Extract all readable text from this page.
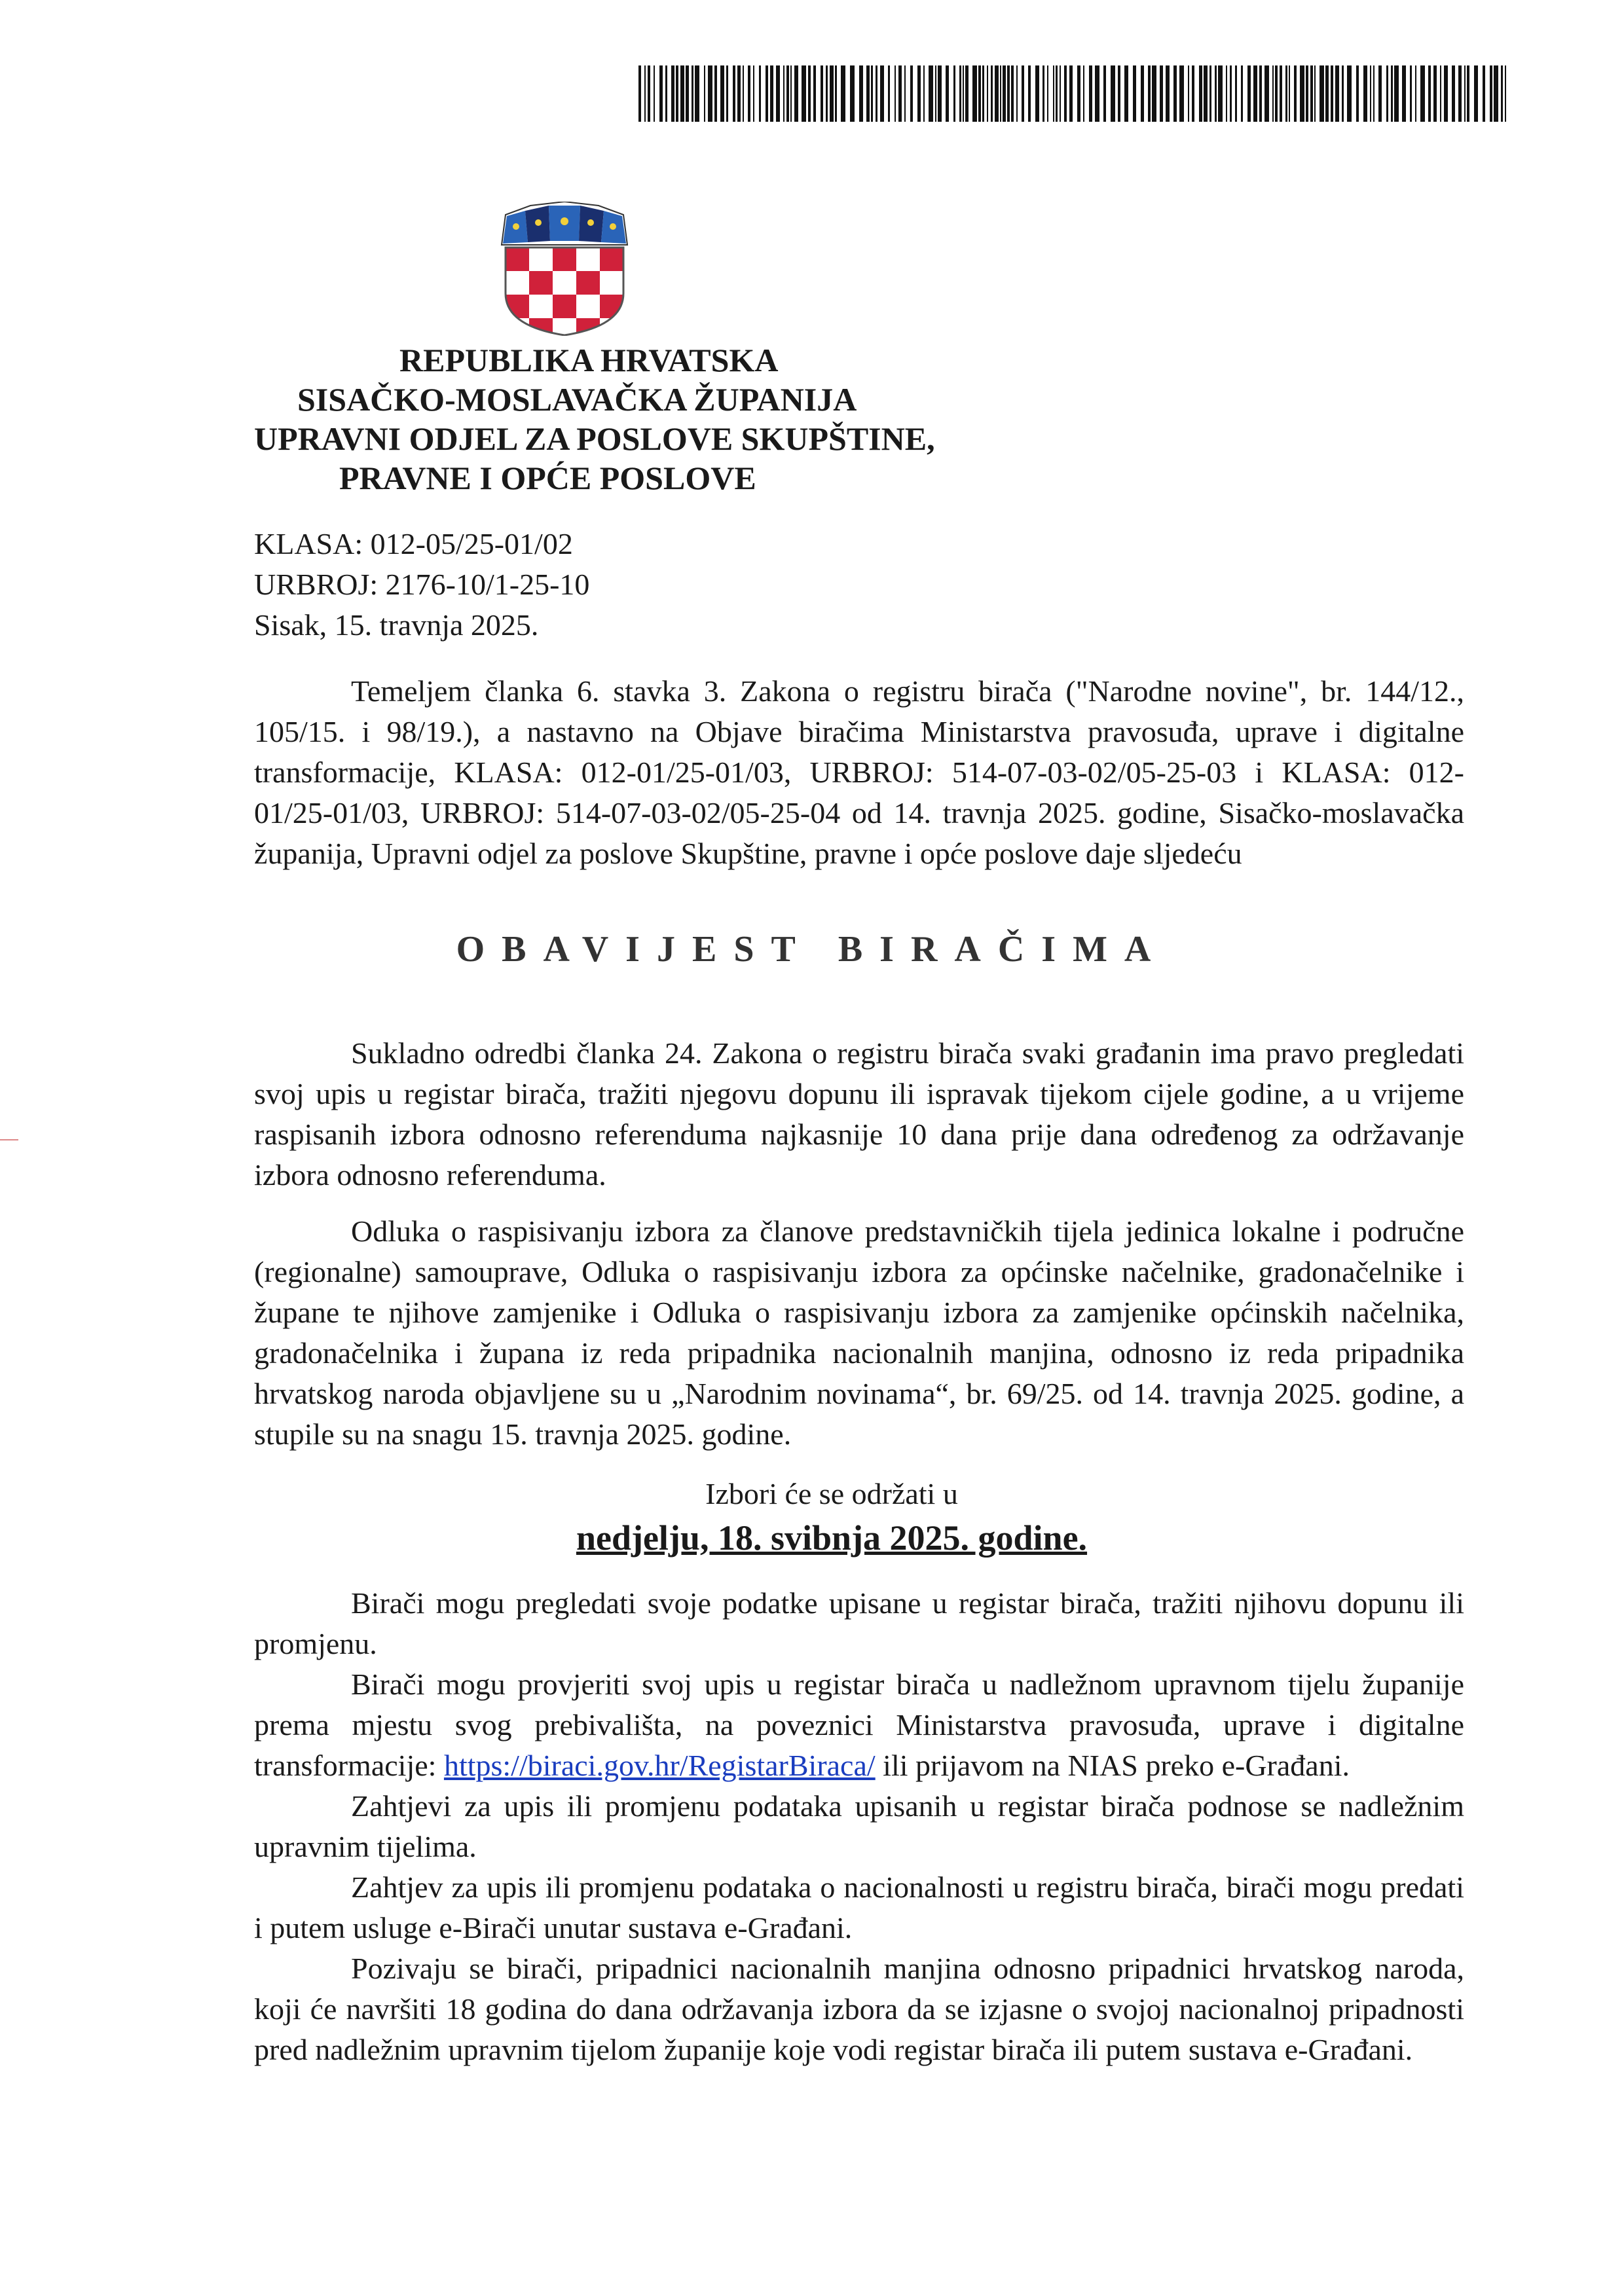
REPUBLIKA HRVATSKA
SISAČKO-MOSLAVAČKA ŽUPANIJA
UPRAVNI ODJEL ZA POSLOVE SKUPŠTINE,
PRAVNE I OPĆE POSLOVE
KLASA: 012-05/25-01/02
URBROJ: 2176-10/1-25-10
Sisak, 15. travnja 2025.

Temeljem članka 6. stavka 3. Zakona o registru birača ("Narodne novine", br. 144/12., 105/15. i 98/19.), a nastavno na Objave biračima Ministarstva pravosuđa, uprave i digitalne transformacije, KLASA: 012-01/25-01/03, URBROJ: 514-07-03-02/05-25-03 i KLASA: 012-01/25-01/03, URBROJ: 514-07-03-02/05-25-04 od 14. travnja 2025. godine, Sisačko-moslavačka županija, Upravni odjel za poslove Skupštine, pravne i opće poslove daje sljedeću

OBAVIJEST BIRAČIMA

Sukladno odredbi članka 24. Zakona o registru birača svaki građanin ima pravo pregledati svoj upis u registar birača, tražiti njegovu dopunu ili ispravak tijekom cijele godine, a u vrijeme raspisanih izbora odnosno referenduma najkasnije 10 dana prije dana određenog za održavanje izbora odnosno referenduma.

Odluka o raspisivanju izbora za članove predstavničkih tijela jedinica lokalne i područne (regionalne) samouprave, Odluka o raspisivanju izbora za općinske načelnike, gradonačelnike i župane te njihove zamjenike i Odluka o raspisivanju izbora za zamjenike općinskih načelnika, gradonačelnika i župana iz reda pripadnika nacionalnih manjina, odnosno iz reda pripadnika hrvatskog naroda objavljene su u „Narodnim novinama“, br. 69/25. od 14. travnja 2025. godine, a stupile su na snagu 15. travnja 2025. godine.

Izbori će se održati u
nedjelju, 18. svibnja 2025. godine.

Birači mogu pregledati svoje podatke upisane u registar birača, tražiti njihovu dopunu ili promjenu.

Birači mogu provjeriti svoj upis u registar birača u nadležnom upravnom tijelu županije prema mjestu svog prebivališta, na poveznici Ministarstva pravosuđa, uprave i digitalne transformacije: https://biraci.gov.hr/RegistarBiraca/ ili prijavom na NIAS preko e-Građani.

Zahtjevi za upis ili promjenu podataka upisanih u registar birača podnose se nadležnim upravnim tijelima.

Zahtjev za upis ili promjenu podataka o nacionalnosti u registru birača, birači mogu predati i putem usluge e-Birači unutar sustava e-Građani.

Pozivaju se birači, pripadnici nacionalnih manjina odnosno pripadnici hrvatskog naroda, koji će navršiti 18 godina do dana održavanja izbora da se izjasne o svojoj nacionalnoj pripadnosti pred nadležnim upravnim tijelom županije koje vodi registar birača ili putem sustava e-Građani.
